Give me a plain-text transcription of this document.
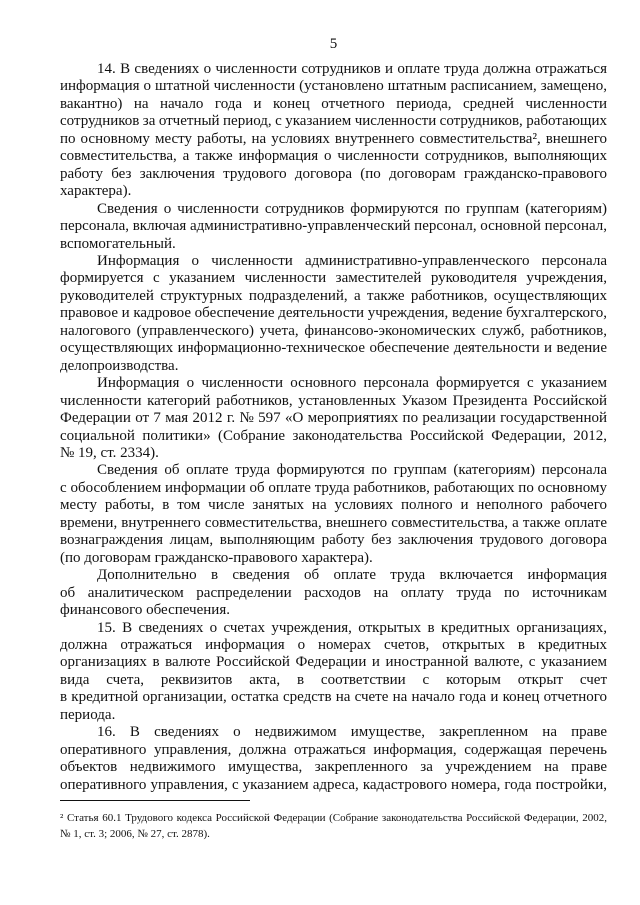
5
14. В сведениях о численности сотрудников и оплате труда должна отражаться
информация о штатной численности (установлено штатным расписанием, замещено,
вакантно) на начало года и конец отчетного периода, средней численности
сотрудников за отчетный период, с указанием численности сотрудников, работающих
по основному месту работы, на условиях внутреннего совместительства², внешнего
совместительства, а также информация о численности сотрудников, выполняющих
работу без заключения трудового договора (по договорам гражданско-правового
характера).
Сведения о численности сотрудников формируются по группам (категориям)
персонала, включая административно-управленческий персонал, основной персонал,
вспомогательный.
Информация о численности административно-управленческого персонала
формируется с указанием численности заместителей руководителя учреждения,
руководителей структурных подразделений, а также работников, осуществляющих
правовое и кадровое обеспечение деятельности учреждения, ведение бухгалтерского,
налогового (управленческого) учета, финансово-экономических служб, работников,
осуществляющих информационно-техническое обеспечение деятельности и ведение
делопроизводства.
Информация о численности основного персонала формируется с указанием
численности категорий работников, установленных Указом Президента Российской
Федерации от 7 мая 2012 г. № 597 «О мероприятиях по реализации государственной
социальной политики» (Собрание законодательства Российской Федерации, 2012,
№ 19, ст. 2334).
Сведения об оплате труда формируются по группам (категориям) персонала
с обособлением информации об оплате труда работников, работающих по основному
месту работы, в том числе занятых на условиях полного и неполного рабочего
времени, внутреннего совместительства, внешнего совместительства, а также оплате
вознаграждения лицам, выполняющим работу без заключения трудового договора
(по договорам гражданско-правового характера).
Дополнительно в сведения об оплате труда включается информация
об аналитическом распределении расходов на оплату труда по источникам
финансового обеспечения.
15. В сведениях о счетах учреждения, открытых в кредитных организациях,
должна отражаться информация о номерах счетов, открытых в кредитных
организациях в валюте Российской Федерации и иностранной валюте, с указанием
вида счета, реквизитов акта, в соответствии с которым открыт счет
в кредитной организации, остатка средств на счете на начало года и конец отчетного
периода.
16. В сведениях о недвижимом имуществе, закрепленном на праве
оперативного управления, должна отражаться информация, содержащая перечень
объектов недвижимого имущества, закрепленного за учреждением на праве
оперативного управления, с указанием адреса, кадастрового номера, года постройки,
² Статья 60.1 Трудового кодекса Российской Федерации (Собрание законодательства Российской Федерации, 2002,
№ 1, ст. 3; 2006, № 27, ст. 2878).
